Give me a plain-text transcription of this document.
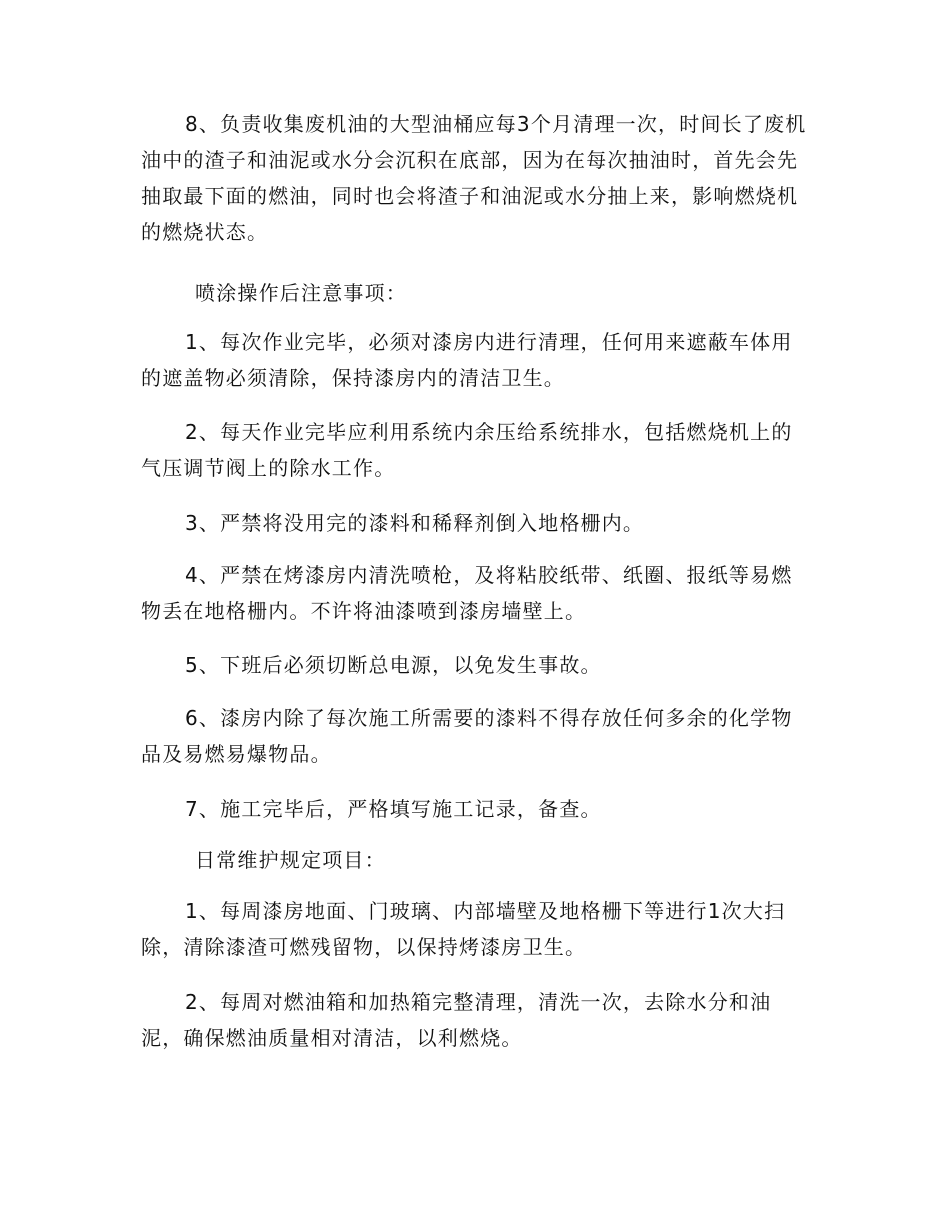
8、负责收集废机油的大型油桶应每3个月清理一次，时间长了废机油中的渣子和油泥或水分会沉积在底部，因为在每次抽油时，首先会先抽取最下面的燃油，同时也会将渣子和油泥或水分抽上来，影响燃烧机的燃烧状态。

喷涂操作后注意事项：

1、每次作业完毕，必须对漆房内进行清理，任何用来遮蔽车体用的遮盖物必须清除，保持漆房内的清洁卫生。

2、每天作业完毕应利用系统内余压给系统排水，包括燃烧机上的气压调节阀上的除水工作。

3、严禁将没用完的漆料和稀释剂倒入地格栅内。

4、严禁在烤漆房内清洗喷枪，及将粘胶纸带、纸圈、报纸等易燃物丢在地格栅内。不许将油漆喷到漆房墙壁上。

5、下班后必须切断总电源，以免发生事故。

6、漆房内除了每次施工所需要的漆料不得存放任何多余的化学物品及易燃易爆物品。

7、施工完毕后，严格填写施工记录，备查。

日常维护规定项目：

1、每周漆房地面、门玻璃、内部墙壁及地格栅下等进行1次大扫除，清除漆渣可燃残留物，以保持烤漆房卫生。

2、每周对燃油箱和加热箱完整清理，清洗一次，去除水分和油泥，确保燃油质量相对清洁，以利燃烧。
